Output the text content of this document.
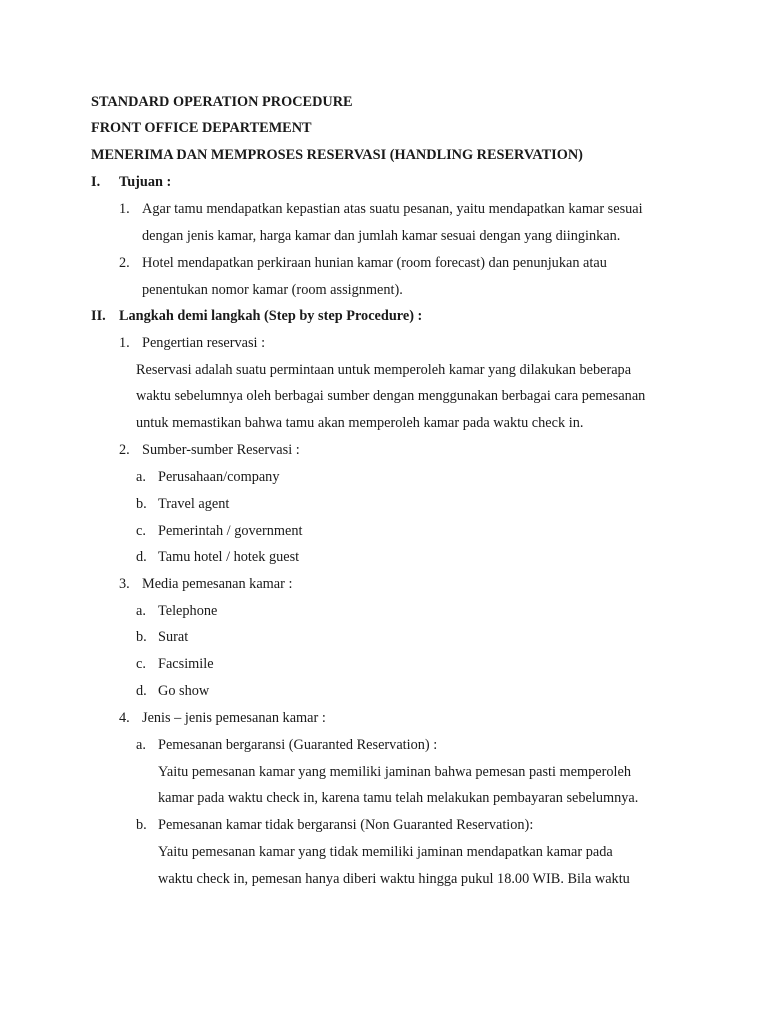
STANDARD OPERATION PROCEDURE
FRONT OFFICE DEPARTEMENT
MENERIMA DAN MEMPROSES RESERVASI (HANDLING RESERVATION)
I. Tujuan :
1. Agar tamu mendapatkan kepastian atas suatu pesanan, yaitu mendapatkan kamar sesuai
dengan jenis kamar, harga kamar dan jumlah kamar sesuai dengan yang diinginkan.
2. Hotel mendapatkan perkiraan hunian kamar (room forecast) dan penunjukan atau
penentukan nomor kamar (room assignment).
II. Langkah demi langkah (Step by step Procedure) :
1. Pengertian reservasi :
Reservasi adalah suatu permintaan untuk memperoleh kamar yang dilakukan beberapa
waktu sebelumnya oleh berbagai sumber dengan menggunakan berbagai cara pemesanan
untuk memastikan bahwa tamu akan memperoleh kamar pada waktu check in.
2. Sumber-sumber Reservasi :
a. Perusahaan/company
b. Travel agent
c. Pemerintah / government
d. Tamu hotel / hotek guest
3. Media pemesanan kamar :
a. Telephone
b. Surat
c. Facsimile
d. Go show
4. Jenis – jenis pemesanan kamar :
a. Pemesanan bergaransi (Guaranted Reservation) :
Yaitu pemesanan kamar yang memiliki jaminan bahwa pemesan pasti memperoleh
kamar pada waktu check in, karena tamu telah melakukan pembayaran sebelumnya.
b. Pemesanan kamar tidak bergaransi (Non Guaranted Reservation):
Yaitu pemesanan kamar yang tidak memiliki jaminan mendapatkan kamar pada
waktu check in, pemesan hanya diberi waktu hingga pukul 18.00 WIB. Bila waktu
